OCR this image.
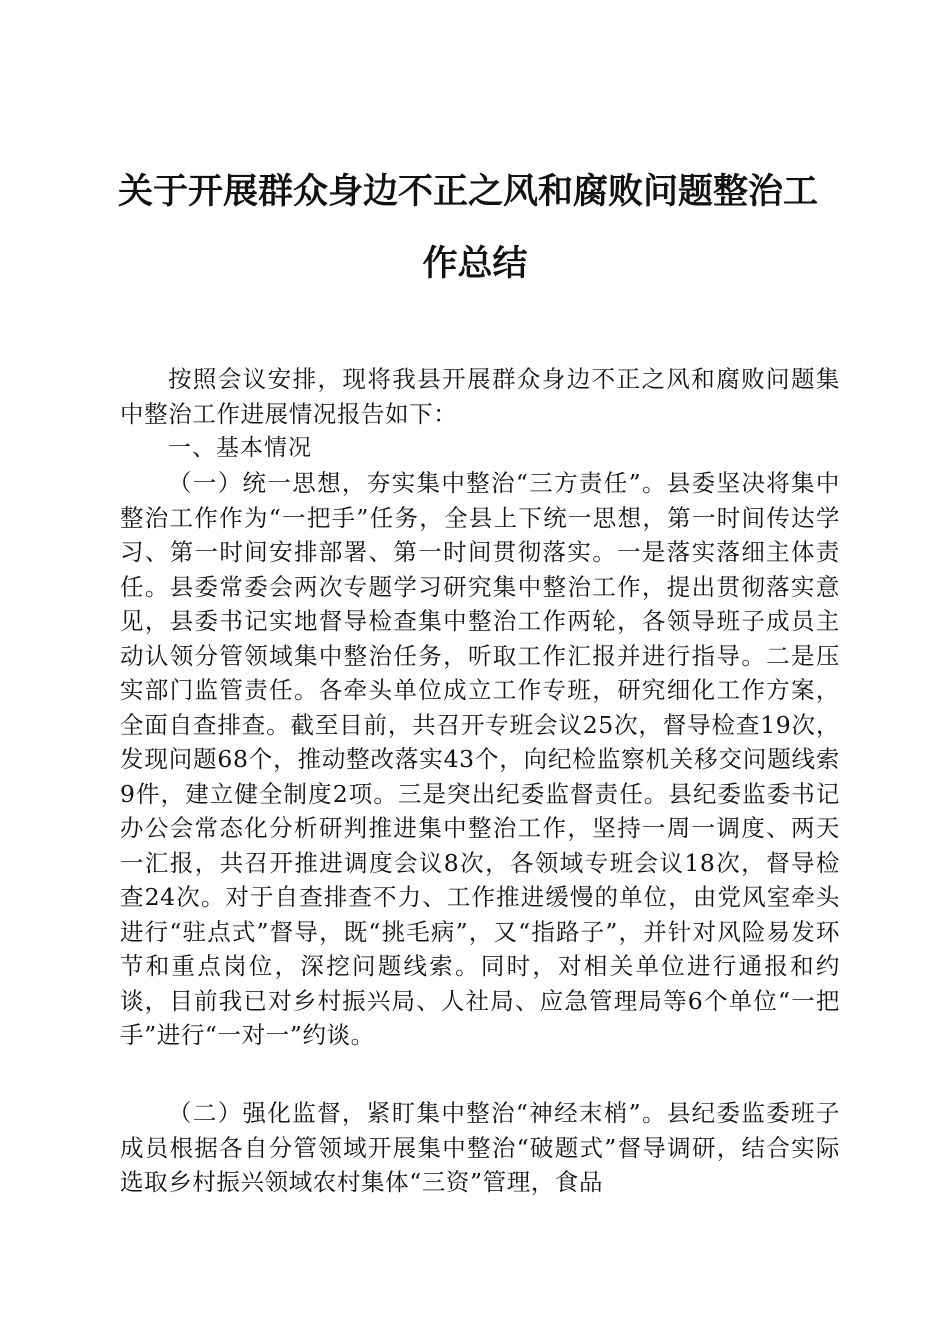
关于开展群众身边不正之风和腐败问题整治工
作总结

按照会议安排，现将我县开展群众身边不正之风和腐败问题集中整治工作进展情况报告如下：

一、基本情况

（一）统一思想，夯实集中整治“三方责任”。县委坚决将集中整治工作作为“一把手”任务，全县上下统一思想，第一时间传达学习、第一时间安排部署、第一时间贯彻落实。一是落实落细主体责任。县委常委会两次专题学习研究集中整治工作，提出贯彻落实意见，县委书记实地督导检查集中整治工作两轮，各领导班子成员主动认领分管领域集中整治任务，听取工作汇报并进行指导。二是压实部门监管责任。各牵头单位成立工作专班，研究细化工作方案，全面自查排查。截至目前，共召开专班会议25次，督导检查19次，发现问题68个，推动整改落实43个，向纪检监察机关移交问题线索9件，建立健全制度2项。三是突出纪委监督责任。县纪委监委书记办公会常态化分析研判推进集中整治工作，坚持一周一调度、两天一汇报，共召开推进调度会议8次，各领域专班会议18次，督导检查24次。对于自查排查不力、工作推进缓慢的单位，由党风室牵头进行“驻点式”督导，既“挑毛病”，又“指路子”，并针对风险易发环节和重点岗位，深挖问题线索。同时，对相关单位进行通报和约谈，目前我已对乡村振兴局、人社局、应急管理局等6个单位“一把手”进行“一对一”约谈。

（二）强化监督，紧盯集中整治“神经末梢”。县纪委监委班子成员根据各自分管领域开展集中整治“破题式”督导调研，结合实际选取乡村振兴领域农村集体“三资”管理，食品
